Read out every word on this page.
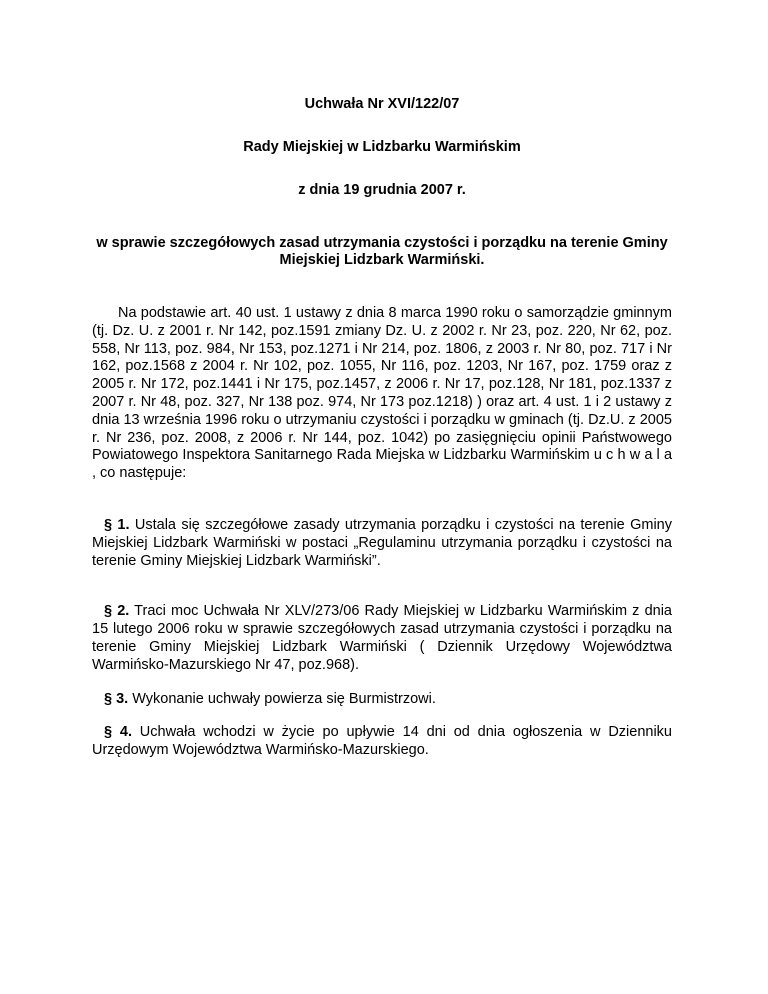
Uchwała Nr XVI/122/07
Rady Miejskiej w Lidzbarku Warmińskim
z dnia 19 grudnia 2007 r.
w sprawie szczegółowych zasad utrzymania czystości i porządku na terenie Gminy Miejskiej Lidzbark Warmiński.
Na podstawie art. 40 ust. 1 ustawy z dnia 8 marca 1990 roku o samorządzie gminnym (tj. Dz. U. z 2001 r. Nr 142, poz.1591 zmiany Dz. U. z 2002 r. Nr 23, poz. 220, Nr 62, poz. 558, Nr 113, poz. 984, Nr 153, poz.1271 i Nr 214, poz. 1806, z 2003 r. Nr 80, poz. 717 i Nr 162, poz.1568 z 2004 r. Nr 102, poz. 1055, Nr 116, poz. 1203, Nr 167, poz. 1759 oraz z 2005 r. Nr 172, poz.1441 i Nr 175, poz.1457, z 2006 r. Nr 17, poz.128, Nr 181, poz.1337 z 2007 r. Nr 48, poz. 327, Nr 138 poz. 974, Nr 173 poz.1218) ) oraz art. 4 ust. 1 i 2 ustawy z dnia 13 września 1996 roku o utrzymaniu czystości i porządku w gminach (tj. Dz.U. z 2005 r. Nr 236, poz. 2008, z 2006 r. Nr 144, poz. 1042) po zasięgnięciu opinii Państwowego Powiatowego Inspektora Sanitarnego Rada Miejska w Lidzbarku Warmińskim u c h w a l a , co następuje:
§ 1. Ustala się szczegółowe zasady utrzymania porządku i czystości na terenie Gminy Miejskiej Lidzbark Warmiński w postaci „Regulaminu utrzymania porządku i czystości na terenie Gminy Miejskiej Lidzbark Warmiński”.
§ 2. Traci moc Uchwała Nr XLV/273/06 Rady Miejskiej w Lidzbarku Warmińskim z dnia 15 lutego 2006 roku w sprawie szczegółowych zasad utrzymania czystości i porządku na terenie Gminy Miejskiej Lidzbark Warmiński ( Dziennik Urzędowy Województwa Warmińsko-Mazurskiego Nr 47, poz.968).
§ 3. Wykonanie uchwały powierza się Burmistrzowi.
§ 4. Uchwała wchodzi w życie po upływie 14 dni od dnia ogłoszenia w Dzienniku Urzędowym Województwa Warmińsko-Mazurskiego.
